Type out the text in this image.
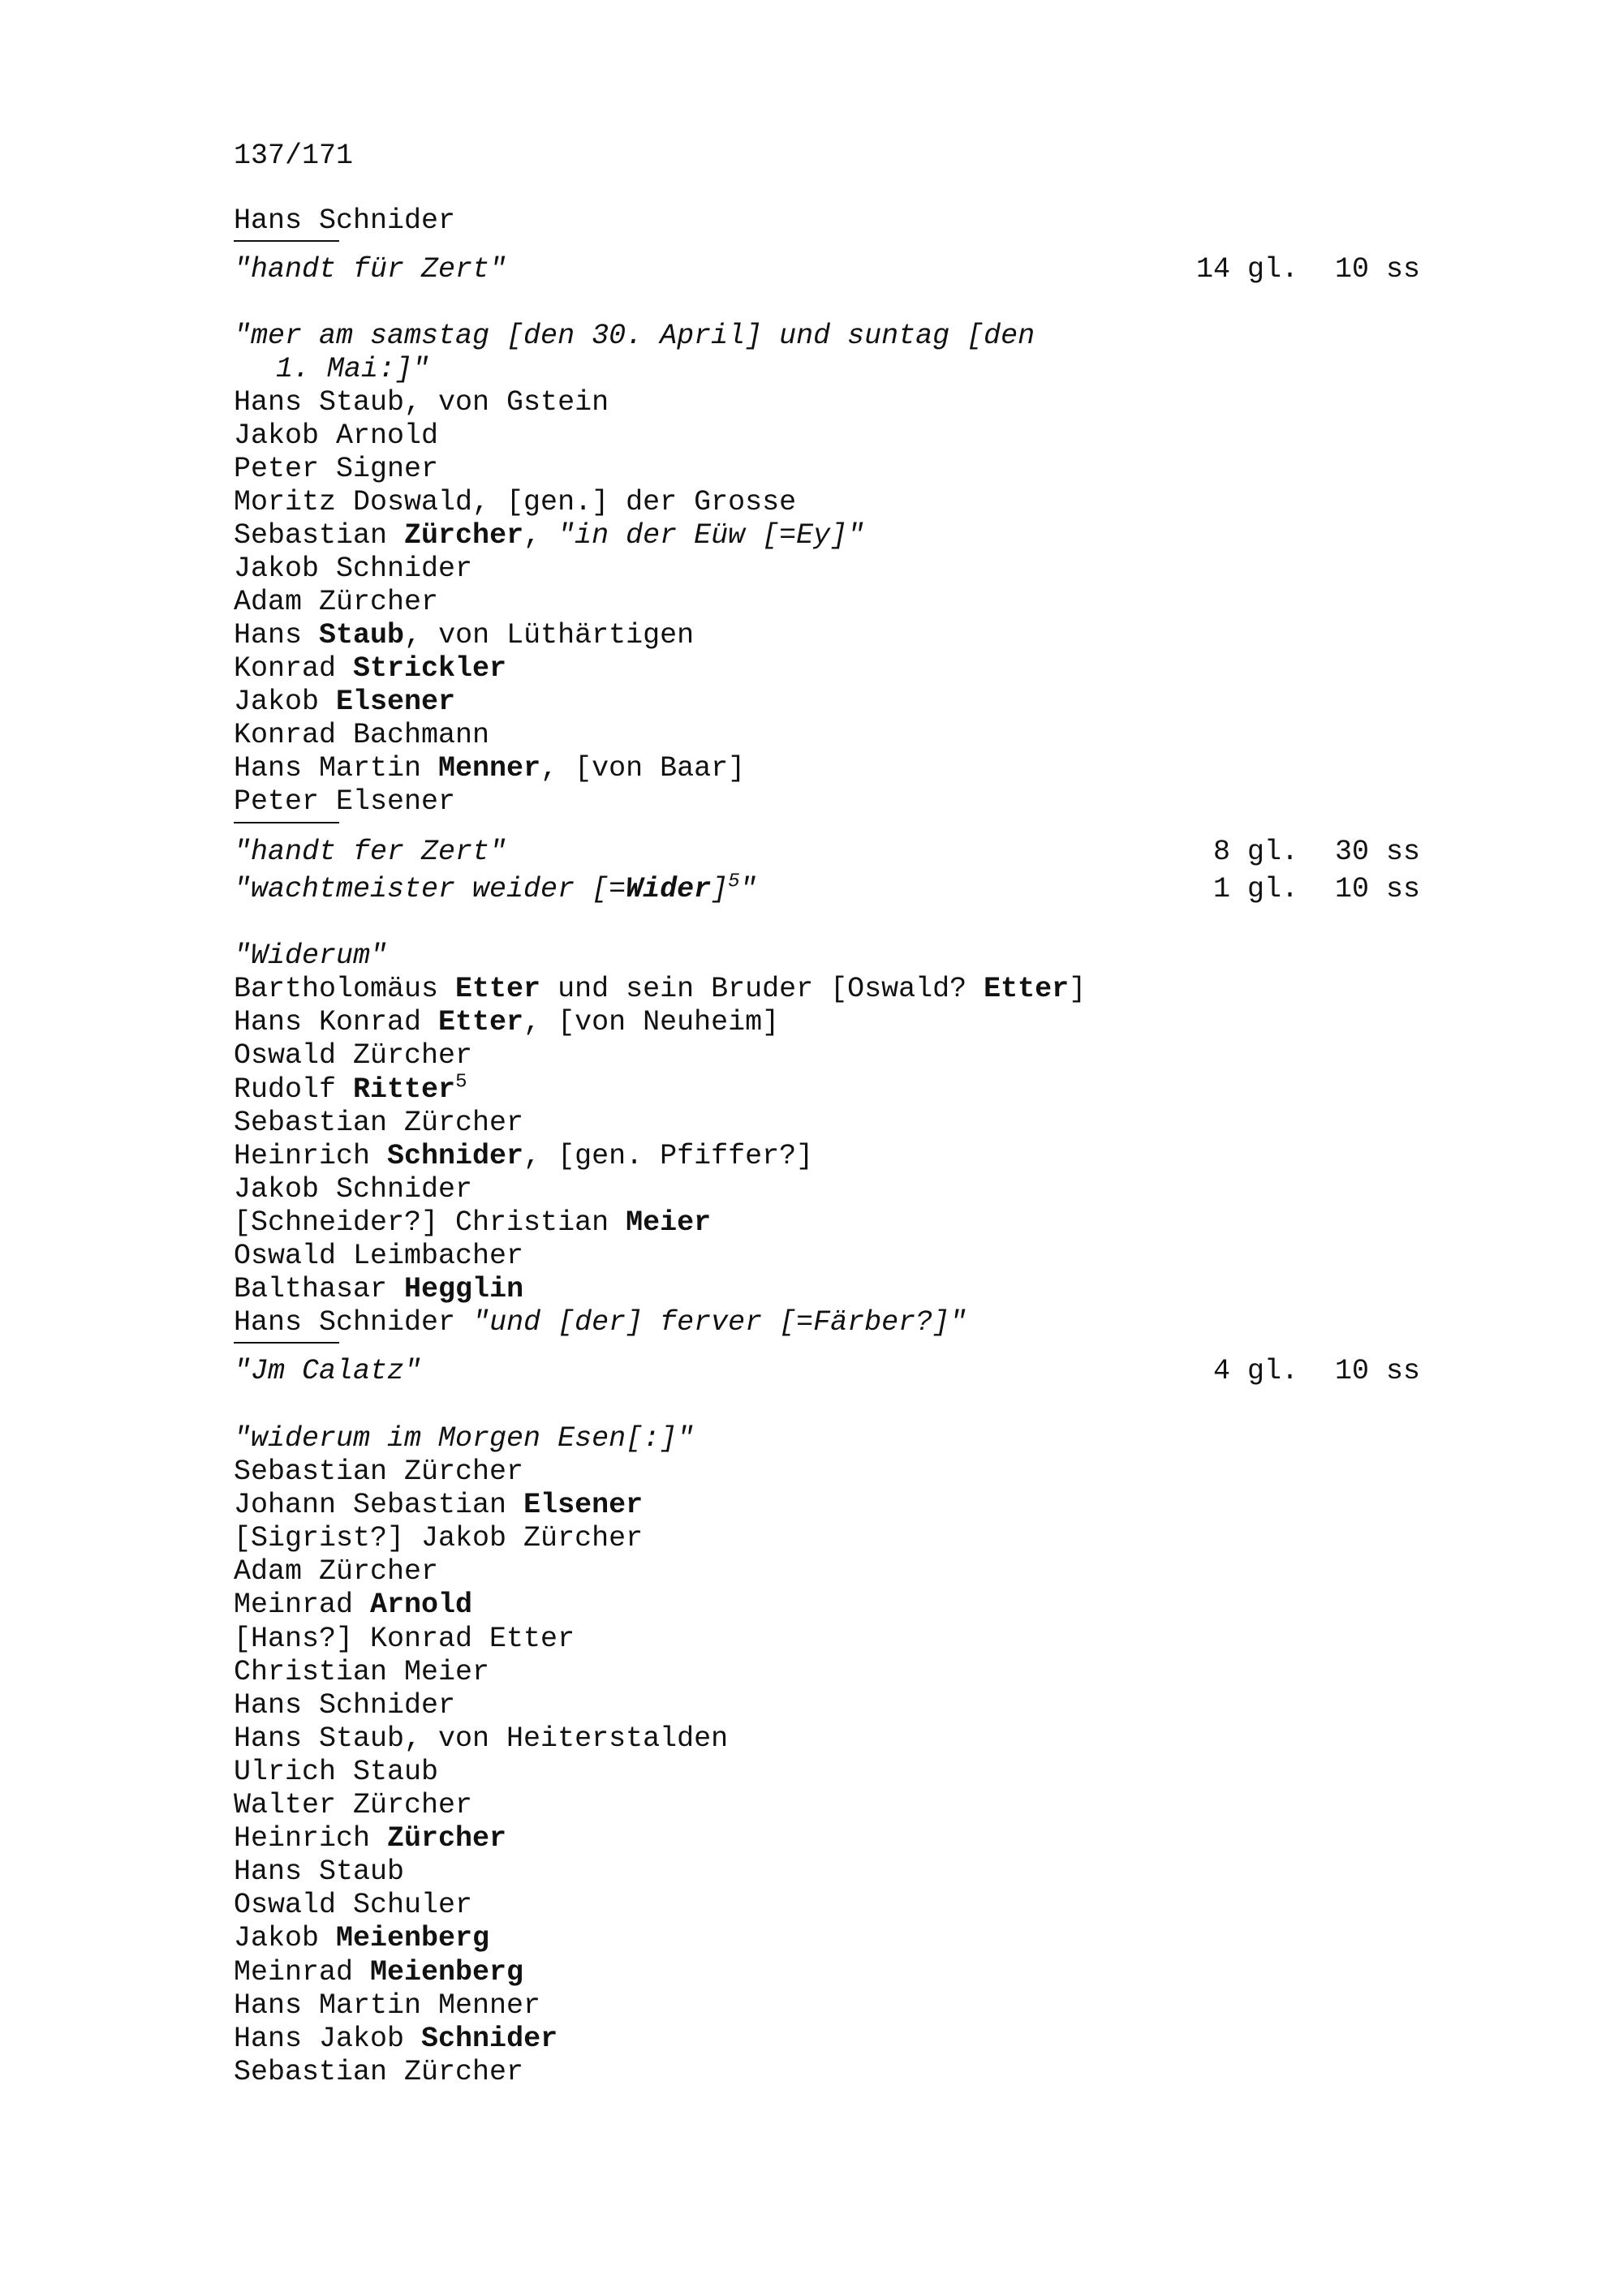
137/171
Hans Schnider
"handt für Zert"	14 gl. 10 ss
"mer am samstag [den 30. April] und suntag [den
1. Mai:]"
Hans Staub, von Gstein
Jakob Arnold
Peter Signer
Moritz Doswald, [gen.] der Grosse
Sebastian Zürcher, "in der Eüw [=Ey]"
Jakob Schnider
Adam Zürcher
Hans Staub, von Lüthärtigen
Konrad Strickler
Jakob Elsener
Konrad Bachmann
Hans Martin Menner, [von Baar]
Peter Elsener
"handt fer Zert"	8 gl. 30 ss
"wachtmeister weider [=Wider]$^5$"	1 gl. 10 ss
"Widerum"
Bartholomäus Etter und sein Bruder [Oswald? Etter]
Hans Konrad Etter, [von Neuheim]
Oswald Zürcher
Rudolf Ritter$^5$
Sebastian Zürcher
Heinrich Schnider, [gen. Pfiffer?]
Jakob Schnider
[Schneider?] Christian Meier
Oswald Leimbacher
Balthasar Hegglin
Hans Schnider "und [der] ferver [=Färber?]"
"Jm Calatz"	4 gl. 10 ss
"widerum im Morgen Esen[:]"
Sebastian Zürcher
Johann Sebastian Elsener
[Sigrist?] Jakob Zürcher
Adam Zürcher
Meinrad Arnold
[Hans?] Konrad Etter
Christian Meier
Hans Schnider
Hans Staub, von Heiterstalden
Ulrich Staub
Walter Zürcher
Heinrich Zürcher
Hans Staub
Oswald Schuler
Jakob Meienberg
Meinrad Meienberg
Hans Martin Menner
Hans Jakob Schnider
Sebastian Zürcher
